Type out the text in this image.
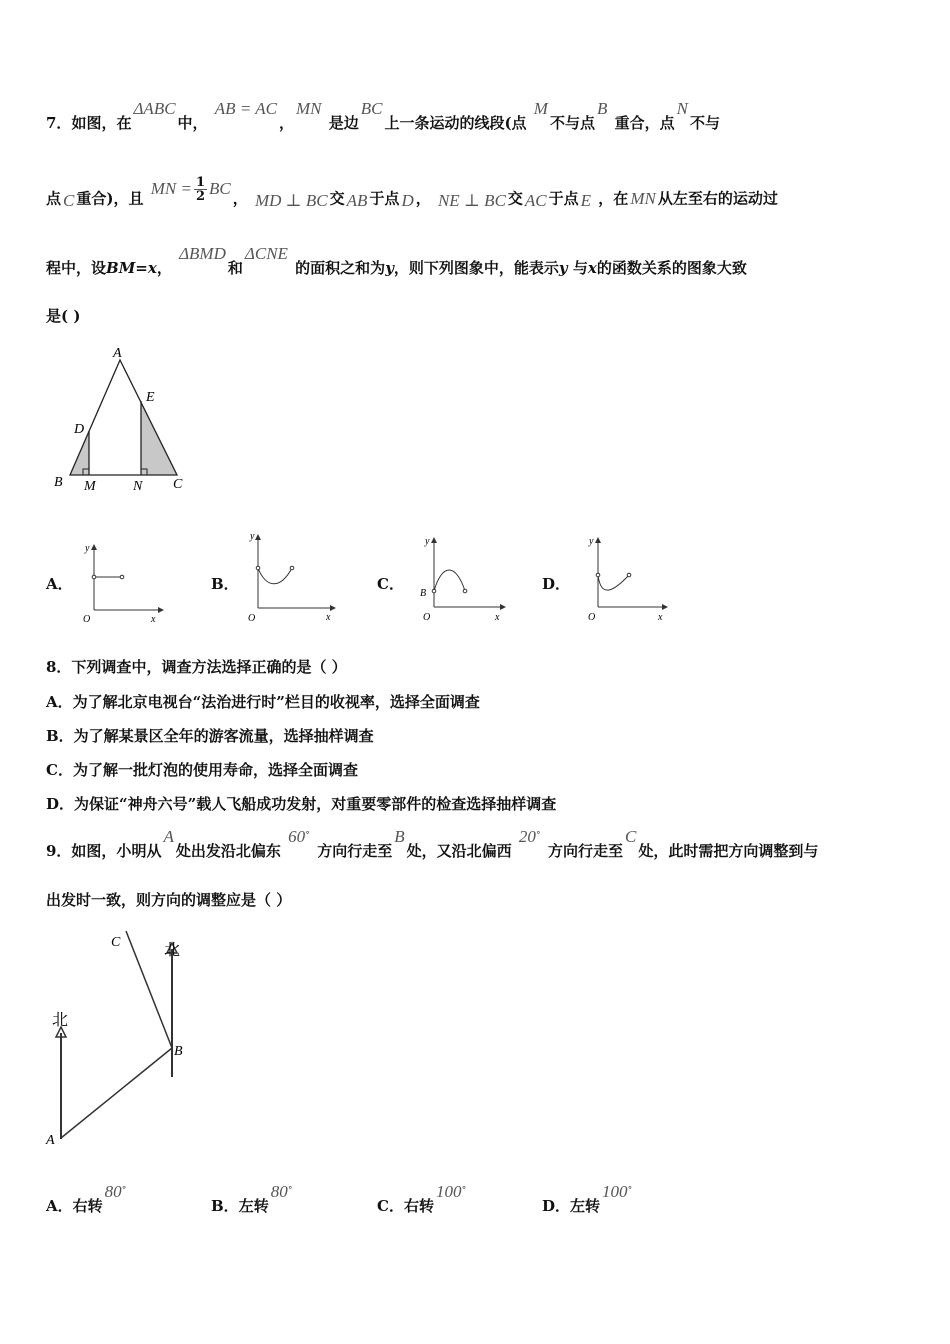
7．如图，在ΔABC中， AB = AC，MN 是边BC上一条运动的线段(点 M不与点B 重合，点N不与
点 C 重合)，且 MN = $\frac{1}{2}$ BC， MD ⊥ BC 交 AB 于点 D ， NE ⊥ BC 交 AC 于点 E ，在 MN 从左至右的运动过
程中，设BM=x， ΔBMD和ΔCNE 的面积之和为y，则下列图象中，能表示y 与x的函数关系的图象大致
是( )
A
E
D
B M	N C
A．
y
O	x
B．
y
O	x
C．
y
B
O	x
D．
y
O	x
8．下列调查中，调查方法选择正确的是（ ）
A．为了解北京电视台“法治进行时”栏目的收视率，选择全面调查
B．为了解某景区全年的游客流量，选择抽样调查
C．为了解一批灯泡的使用寿命，选择全面调查
D．为保证“神舟六号”载人飞船成功发射，对重要零部件的检查选择抽样调查
9．如图，小明从A处出发沿北偏东 60∘ 方向行走至B处，又沿北偏西 20∘ 方向行走至C处，此时需把方向调整到与
出发时一致，则方向的调整应是（ ）
北
北
A
B
C
A．右转80∘
B．左转80∘
C．右转100∘
D．左转100∘
